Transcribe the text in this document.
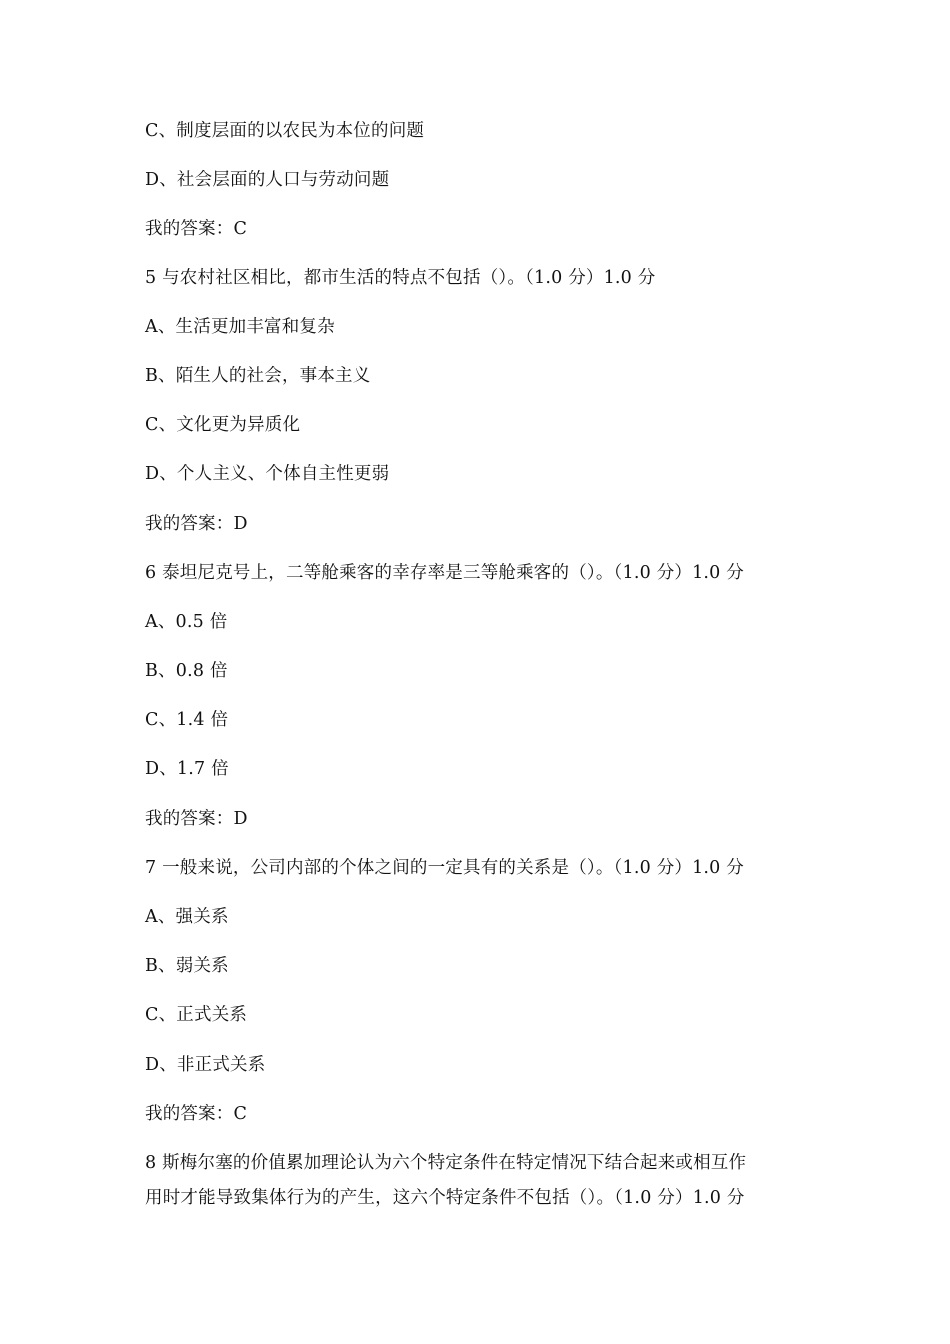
C、制度层面的以农民为本位的问题
D、社会层面的人口与劳动问题
我的答案：C
5 与农村社区相比，都市生活的特点不包括（）。（1.0 分）1.0 分
A、生活更加丰富和复杂
B、陌生人的社会，事本主义
C、文化更为异质化
D、个人主义、个体自主性更弱
我的答案：D
6 泰坦尼克号上，二等舱乘客的幸存率是三等舱乘客的（）。（1.0 分）1.0 分
A、0.5 倍
B、0.8 倍
C、1.4 倍
D、1.7 倍
我的答案：D
7 一般来说，公司内部的个体之间的一定具有的关系是（）。（1.0 分）1.0 分
A、强关系
B、弱关系
C、正式关系
D、非正式关系
我的答案：C
8 斯梅尔塞的价值累加理论认为六个特定条件在特定情况下结合起来或相互作
用时才能导致集体行为的产生，这六个特定条件不包括（）。（1.0 分）1.0 分
